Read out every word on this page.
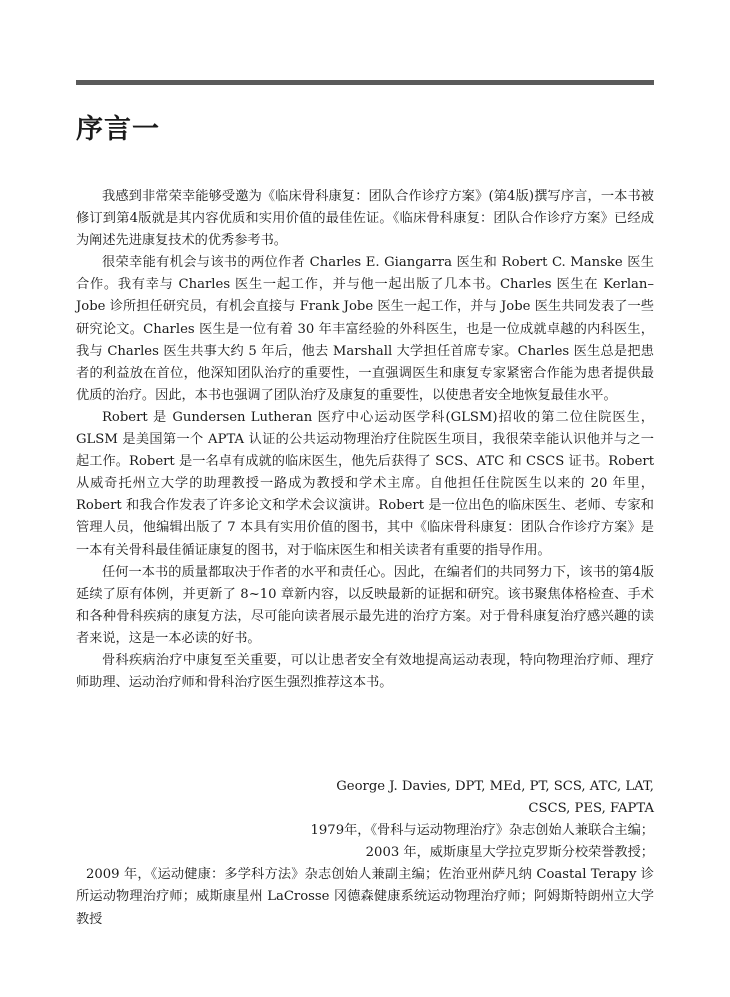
序言一

我感到非常荣幸能够受邀为《临床骨科康复：团队合作诊疗方案》(第4版)撰写序言，一本书被修订到第4版就是其内容优质和实用价值的最佳佐证。《临床骨科康复：团队合作诊疗方案》已经成为阐述先进康复技术的优秀参考书。

很荣幸能有机会与该书的两位作者 Charles E. Giangarra 医生和 Robert C. Manske 医生合作。我有幸与 Charles 医生一起工作，并与他一起出版了几本书。Charles 医生在 Kerlan–Jobe 诊所担任研究员，有机会直接与 Frank Jobe 医生一起工作，并与 Jobe 医生共同发表了一些研究论文。Charles 医生是一位有着 30 年丰富经验的外科医生，也是一位成就卓越的内科医生，我与 Charles 医生共事大约 5 年后，他去 Marshall 大学担任首席专家。Charles 医生总是把患者的利益放在首位，他深知团队治疗的重要性，一直强调医生和康复专家紧密合作能为患者提供最优质的治疗。因此，本书也强调了团队治疗及康复的重要性，以使患者安全地恢复最佳水平。

Robert 是 Gundersen Lutheran 医疗中心运动医学科(GLSM)招收的第二位住院医生，GLSM 是美国第一个 APTA 认证的公共运动物理治疗住院医生项目，我很荣幸能认识他并与之一起工作。Robert 是一名卓有成就的临床医生，他先后获得了 SCS、ATC 和 CSCS 证书。Robert 从威奇托州立大学的助理教授一路成为教授和学术主席。自他担任住院医生以来的 20 年里，Robert 和我合作发表了许多论文和学术会议演讲。Robert 是一位出色的临床医生、老师、专家和管理人员，他编辑出版了 7 本具有实用价值的图书，其中《临床骨科康复：团队合作诊疗方案》是一本有关骨科最佳循证康复的图书，对于临床医生和相关读者有重要的指导作用。

任何一本书的质量都取决于作者的水平和责任心。因此，在编者们的共同努力下，该书的第4版延续了原有体例，并更新了 8~10 章新内容，以反映最新的证据和研究。该书聚焦体格检查、手术和各种骨科疾病的康复方法，尽可能向读者展示最先进的治疗方案。对于骨科康复治疗感兴趣的读者来说，这是一本必读的好书。

骨科疾病治疗中康复至关重要，可以让患者安全有效地提高运动表现，特向物理治疗师、理疗师助理、运动治疗师和骨科治疗医生强烈推荐这本书。

George J. Davies, DPT, MEd, PT, SCS, ATC, LAT,

CSCS, PES, FAPTA

1979年，《骨科与运动物理治疗》杂志创始人兼联合主编；

2003 年，威斯康星大学拉克罗斯分校荣誉教授；

2009 年，《运动健康：多学科方法》杂志创始人兼副主编；佐治亚州萨凡纳 Coastal Terapy 诊所运动物理治疗师；威斯康星州 LaCrosse 冈德森健康系统运动物理治疗师；阿姆斯特朗州立大学教授
